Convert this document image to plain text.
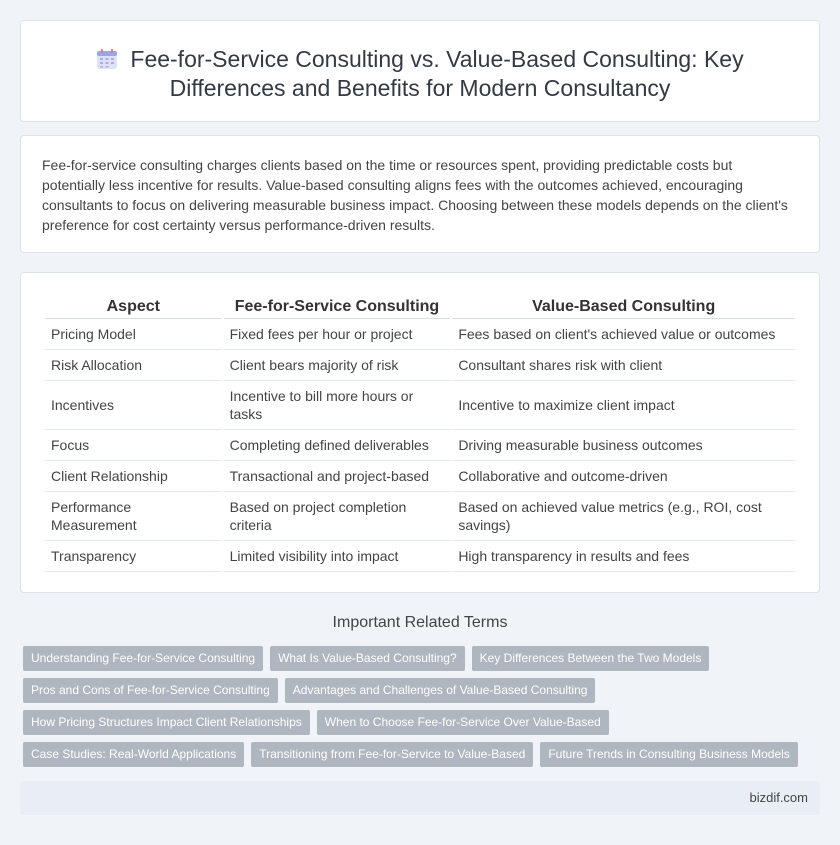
Fee-for-Service Consulting vs. Value-Based Consulting: Key
Differences and Benefits for Modern Consultancy

Fee-for-service consulting charges clients based on the time or resources spent, providing predictable costs but potentially less incentive for results. Value-based consulting aligns fees with the outcomes achieved, encouraging consultants to focus on delivering measurable business impact. Choosing between these models depends on the client's preference for cost certainty versus performance-driven results.

Aspect	Fee-for-Service Consulting	Value-Based Consulting
Pricing Model	Fixed fees per hour or project	Fees based on client's achieved value or outcomes
Risk Allocation	Client bears majority of risk	Consultant shares risk with client
Incentives	Incentive to bill more hours or tasks	Incentive to maximize client impact
Focus	Completing defined deliverables	Driving measurable business outcomes
Client Relationship	Transactional and project-based	Collaborative and outcome-driven
Performance Measurement	Based on project completion criteria	Based on achieved value metrics (e.g., ROI, cost savings)
Transparency	Limited visibility into impact	High transparency in results and fees
Important Related Terms
Understanding Fee-for-Service Consulting	What Is Value-Based Consulting?	Key Differences Between the Two Models
Pros and Cons of Fee-for-Service Consulting	Advantages and Challenges of Value-Based Consulting
How Pricing Structures Impact Client Relationships	When to Choose Fee-for-Service Over Value-Based
Case Studies: Real-World Applications	Transitioning from Fee-for-Service to Value-Based	Future Trends in Consulting Business Models
bizdif.com
